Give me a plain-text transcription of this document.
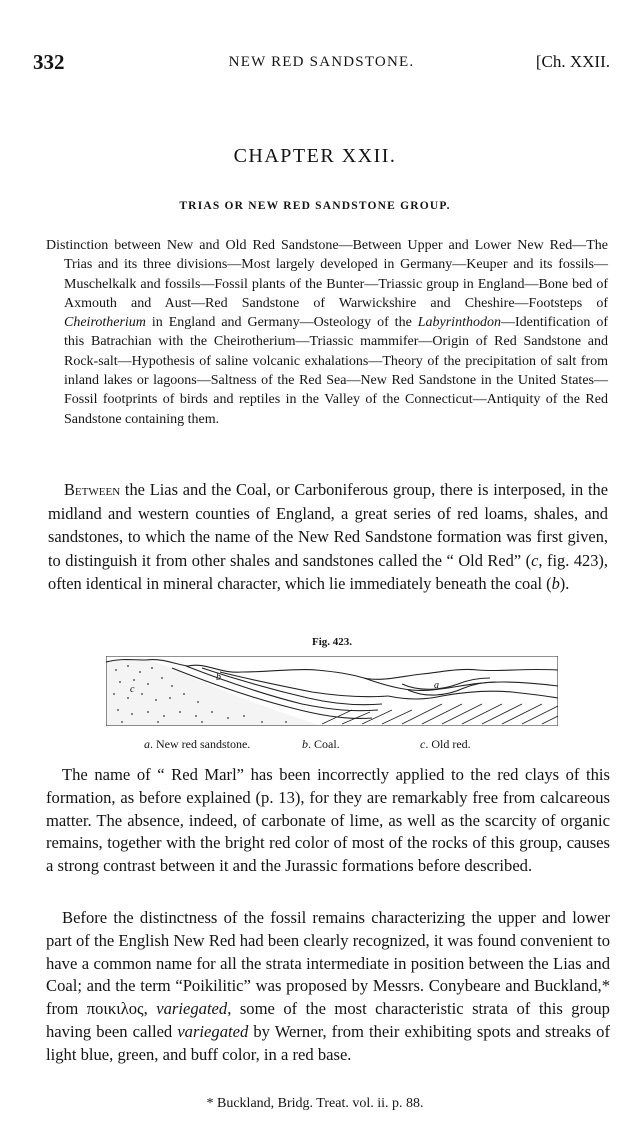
332	NEW RED SANDSTONE.	[Ch. XXII.
CHAPTER XXII.
TRIAS OR NEW RED SANDSTONE GROUP.

Distinction between New and Old Red Sandstone—Between Upper and Lower New Red—The Trias and its three divisions—Most largely developed in Germany—Keuper and its fossils—Muschelkalk and fossils—Fossil plants of the Bunter—Triassic group in England—Bone bed of Axmouth and Aust—Red Sandstone of Warwickshire and Cheshire—Footsteps of Cheirotherium in England and Germany—Osteology of the Labyrinthodon—Identification of this Batrachian with the Cheirotherium—Triassic mammifer—Origin of Red Sandstone and Rock-salt—Hypothesis of saline volcanic exhalations—Theory of the precipitation of salt from inland lakes or lagoons—Saltness of the Red Sea—New Red Sandstone in the United States—Fossil footprints of birds and reptiles in the Valley of the Connecticut—Antiquity of the Red Sandstone containing them.

Between the Lias and the Coal, or Carboniferous group, there is interposed, in the midland and western counties of England, a great series of red loams, shales, and sandstones, to which the name of the New Red Sandstone formation was first given, to distinguish it from other shales and sandstones called the “ Old Red” (c, fig. 423), often identical in mineral character, which lie immediately beneath the coal (b).

Fig. 423.
b
c	a
a. New red sandstone.	b. Coal.	c. Old red.

The name of “ Red Marl” has been incorrectly applied to the red clays of this formation, as before explained (p. 13), for they are remarkably free from calcareous matter. The absence, indeed, of carbonate of lime, as well as the scarcity of organic remains, together with the bright red color of most of the rocks of this group, causes a strong contrast between it and the Jurassic formations before described.

Before the distinctness of the fossil remains characterizing the upper and lower part of the English New Red had been clearly recognized, it was found convenient to have a common name for all the strata intermediate in position between the Lias and Coal; and the term “Poikilitic” was proposed by Messrs. Conybeare and Buckland,* from ποικιλος, variegated, some of the most characteristic strata of this group having been called variegated by Werner, from their exhibiting spots and streaks of light blue, green, and buff color, in a red base.

* Buckland, Bridg. Treat. vol. ii. p. 88.
